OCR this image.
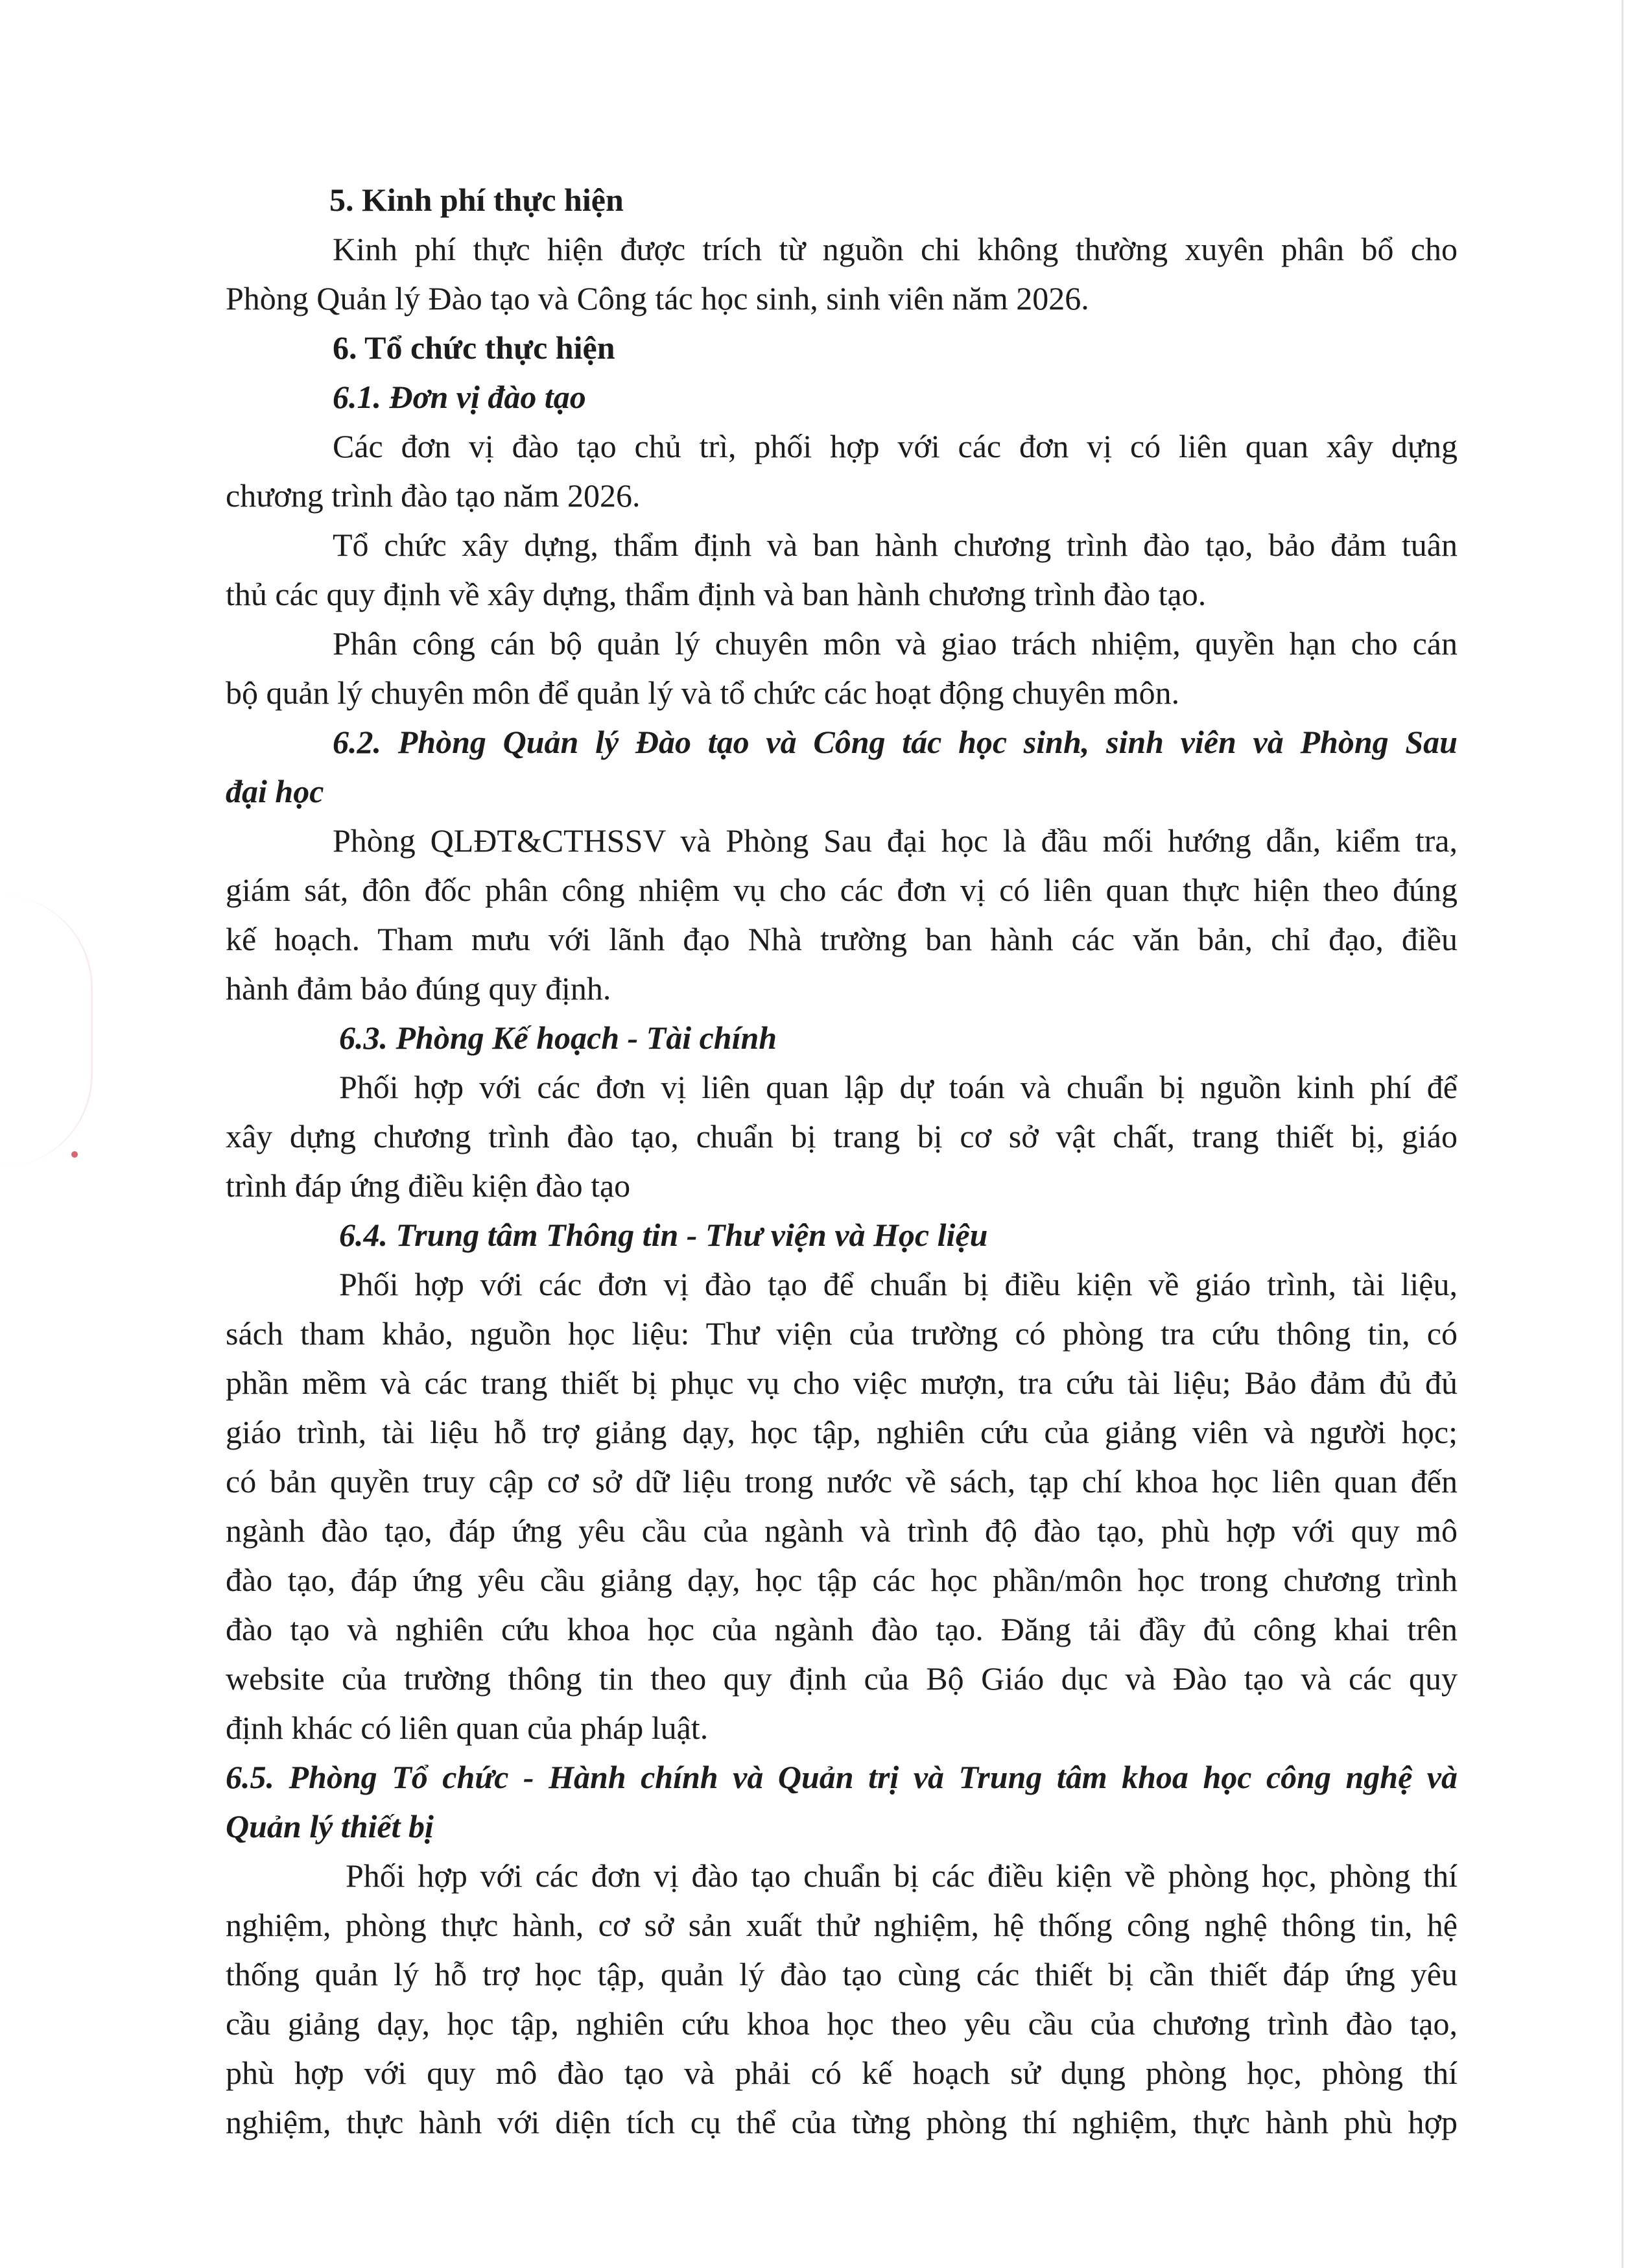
5. Kinh phí thực hiện
Kinh phí thực hiện được trích từ nguồn chi không thường xuyên phân bổ cho
Phòng Quản lý Đào tạo và Công tác học sinh, sinh viên năm 2026.
6. Tổ chức thực hiện
6.1. Đơn vị đào tạo
Các đơn vị đào tạo chủ trì, phối hợp với các đơn vị có liên quan xây dựng
chương trình đào tạo năm 2026.
Tổ chức xây dựng, thẩm định và ban hành chương trình đào tạo, bảo đảm tuân
thủ các quy định về xây dựng, thẩm định và ban hành chương trình đào tạo.
Phân công cán bộ quản lý chuyên môn và giao trách nhiệm, quyền hạn cho cán
bộ quản lý chuyên môn để quản lý và tổ chức các hoạt động chuyên môn.
6.2. Phòng Quản lý Đào tạo và Công tác học sinh, sinh viên và Phòng Sau
đại học
Phòng QLĐT&CTHSSV và Phòng Sau đại học là đầu mối hướng dẫn, kiểm tra,
giám sát, đôn đốc phân công nhiệm vụ cho các đơn vị có liên quan thực hiện theo đúng
kế hoạch. Tham mưu với lãnh đạo Nhà trường ban hành các văn bản, chỉ đạo, điều
hành đảm bảo đúng quy định.
6.3. Phòng Kế hoạch - Tài chính
Phối hợp với các đơn vị liên quan lập dự toán và chuẩn bị nguồn kinh phí để
xây dựng chương trình đào tạo, chuẩn bị trang bị cơ sở vật chất, trang thiết bị, giáo
trình đáp ứng điều kiện đào tạo
6.4. Trung tâm Thông tin - Thư viện và Học liệu
Phối hợp với các đơn vị đào tạo để chuẩn bị điều kiện về giáo trình, tài liệu,
sách tham khảo, nguồn học liệu: Thư viện của trường có phòng tra cứu thông tin, có
phần mềm và các trang thiết bị phục vụ cho việc mượn, tra cứu tài liệu; Bảo đảm đủ đủ
giáo trình, tài liệu hỗ trợ giảng dạy, học tập, nghiên cứu của giảng viên và người học;
có bản quyền truy cập cơ sở dữ liệu trong nước về sách, tạp chí khoa học liên quan đến
ngành đào tạo, đáp ứng yêu cầu của ngành và trình độ đào tạo, phù hợp với quy mô
đào tạo, đáp ứng yêu cầu giảng dạy, học tập các học phần/môn học trong chương trình
đào tạo và nghiên cứu khoa học của ngành đào tạo. Đăng tải đầy đủ công khai trên
website của trường thông tin theo quy định của Bộ Giáo dục và Đào tạo và các quy
định khác có liên quan của pháp luật.
6.5. Phòng Tổ chức - Hành chính và Quản trị và Trung tâm khoa học công nghệ và
Quản lý thiết bị
Phối hợp với các đơn vị đào tạo chuẩn bị các điều kiện về phòng học, phòng thí
nghiệm, phòng thực hành, cơ sở sản xuất thử nghiệm, hệ thống công nghệ thông tin, hệ
thống quản lý hỗ trợ học tập, quản lý đào tạo cùng các thiết bị cần thiết đáp ứng yêu
cầu giảng dạy, học tập, nghiên cứu khoa học theo yêu cầu của chương trình đào tạo,
phù hợp với quy mô đào tạo và phải có kế hoạch sử dụng phòng học, phòng thí
nghiệm, thực hành với diện tích cụ thể của từng phòng thí nghiệm, thực hành phù hợp
